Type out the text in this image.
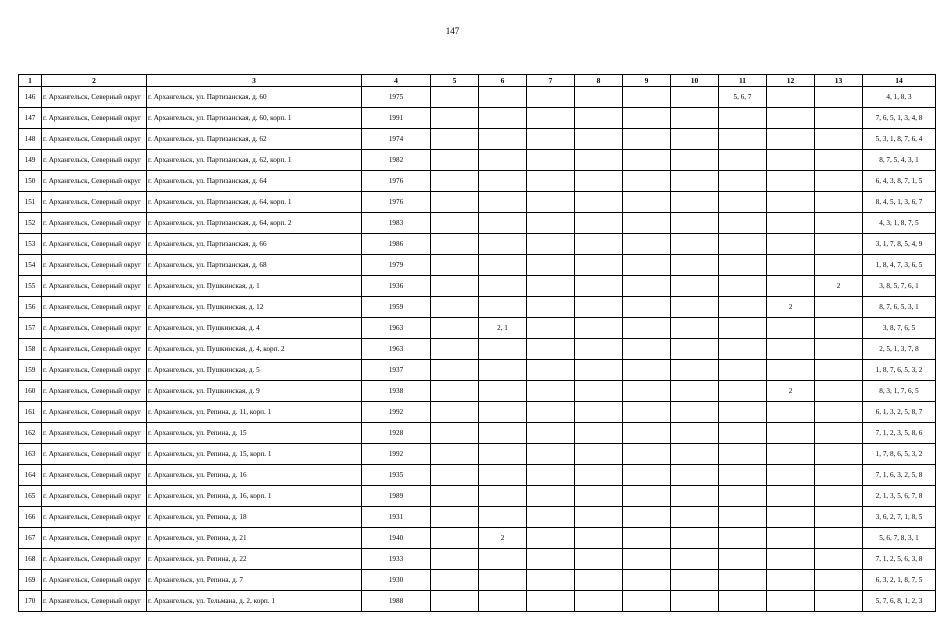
147
1	2	3	4	5	6	7	8	9	10	11	12	13	14
146	г. Архангельск, Северный округ	г. Архангельск, ул. Партизанская, д. 60	1975							5, 6, 7			4, 1, 8, 3
147	г. Архангельск, Северный округ	г. Архангельск, ул. Партизанская, д. 60, корп. 1	1991										7, 6, 5, 1, 3, 4, 8
148	г. Архангельск, Северный округ	г. Архангельск, ул. Партизанская, д. 62	1974										5, 3, 1, 8, 7, 6, 4
149	г. Архангельск, Северный округ	г. Архангельск, ул. Партизанская, д. 62, корп. 1	1982										8, 7, 5, 4, 3, 1
150	г. Архангельск, Северный округ	г. Архангельск, ул. Партизанская, д. 64	1976										6, 4, 3, 8, 7, 1, 5
151	г. Архангельск, Северный округ	г. Архангельск, ул. Партизанская, д. 64, корп. 1	1976										8, 4, 5, 1, 3, 6, 7
152	г. Архангельск, Северный округ	г. Архангельск, ул. Партизанская, д. 64, корп. 2	1983										4, 3, 1, 8, 7, 5
153	г. Архангельск, Северный округ	г. Архангельск, ул. Партизанская, д. 66	1986										3, 1, 7, 8, 5, 4, 9
154	г. Архангельск, Северный округ	г. Архангельск, ул. Партизанская, д. 68	1979										1, 8, 4, 7, 3, 6, 5
155	г. Архангельск, Северный округ	г. Архангельск, ул. Пушкинская, д. 1	1936									2	3, 8, 5, 7, 6, 1
156	г. Архангельск, Северный округ	г. Архангельск, ул. Пушкинская, д. 12	1959								2		8, 7, 6, 5, 3, 1
157	г. Архангельск, Северный округ	г. Архангельск, ул. Пушкинская, д. 4	1963		2, 1								3, 8, 7, 6, 5
158	г. Архангельск, Северный округ	г. Архангельск, ул. Пушкинская, д. 4, корп. 2	1963										2, 5, 1, 3, 7, 8
159	г. Архангельск, Северный округ	г. Архангельск, ул. Пушкинская, д. 5	1937										1, 8, 7, 6, 5, 3, 2
160	г. Архангельск, Северный округ	г. Архангельск, ул. Пушкинская, д. 9	1938								2		8, 3, 1, 7, 6, 5
161	г. Архангельск, Северный округ	г. Архангельск, ул. Репина, д. 11, корп. 1	1992										6, 1, 3, 2, 5, 8, 7
162	г. Архангельск, Северный округ	г. Архангельск, ул. Репина, д. 15	1928										7, 1, 2, 3, 5, 8, 6
163	г. Архангельск, Северный округ	г. Архангельск, ул. Репина, д. 15, корп. 1	1992										1, 7, 8, 6, 5, 3, 2
164	г. Архангельск, Северный округ	г. Архангельск, ул. Репина, д. 16	1935										7, 1, 6, 3, 2, 5, 8
165	г. Архангельск, Северный округ	г. Архангельск, ул. Репина, д. 16, корп. 1	1989										2, 1, 3, 5, 6, 7, 8
166	г. Архангельск, Северный округ	г. Архангельск, ул. Репина, д. 18	1931										3, 6, 2, 7, 1, 8, 5
167	г. Архангельск, Северный округ	г. Архангельск, ул. Репина, д. 21	1940		2								5, 6, 7, 8, 3, 1
168	г. Архангельск, Северный округ	г. Архангельск, ул. Репина, д. 22	1933										7, 1, 2, 5, 6, 3, 8
169	г. Архангельск, Северный округ	г. Архангельск, ул. Репина, д. 7	1930										6, 3, 2, 1, 8, 7, 5
170	г. Архангельск, Северный округ	г. Архангельск, ул. Тельмана, д. 2, корп. 1	1988										5, 7, 6, 8, 1, 2, 3
